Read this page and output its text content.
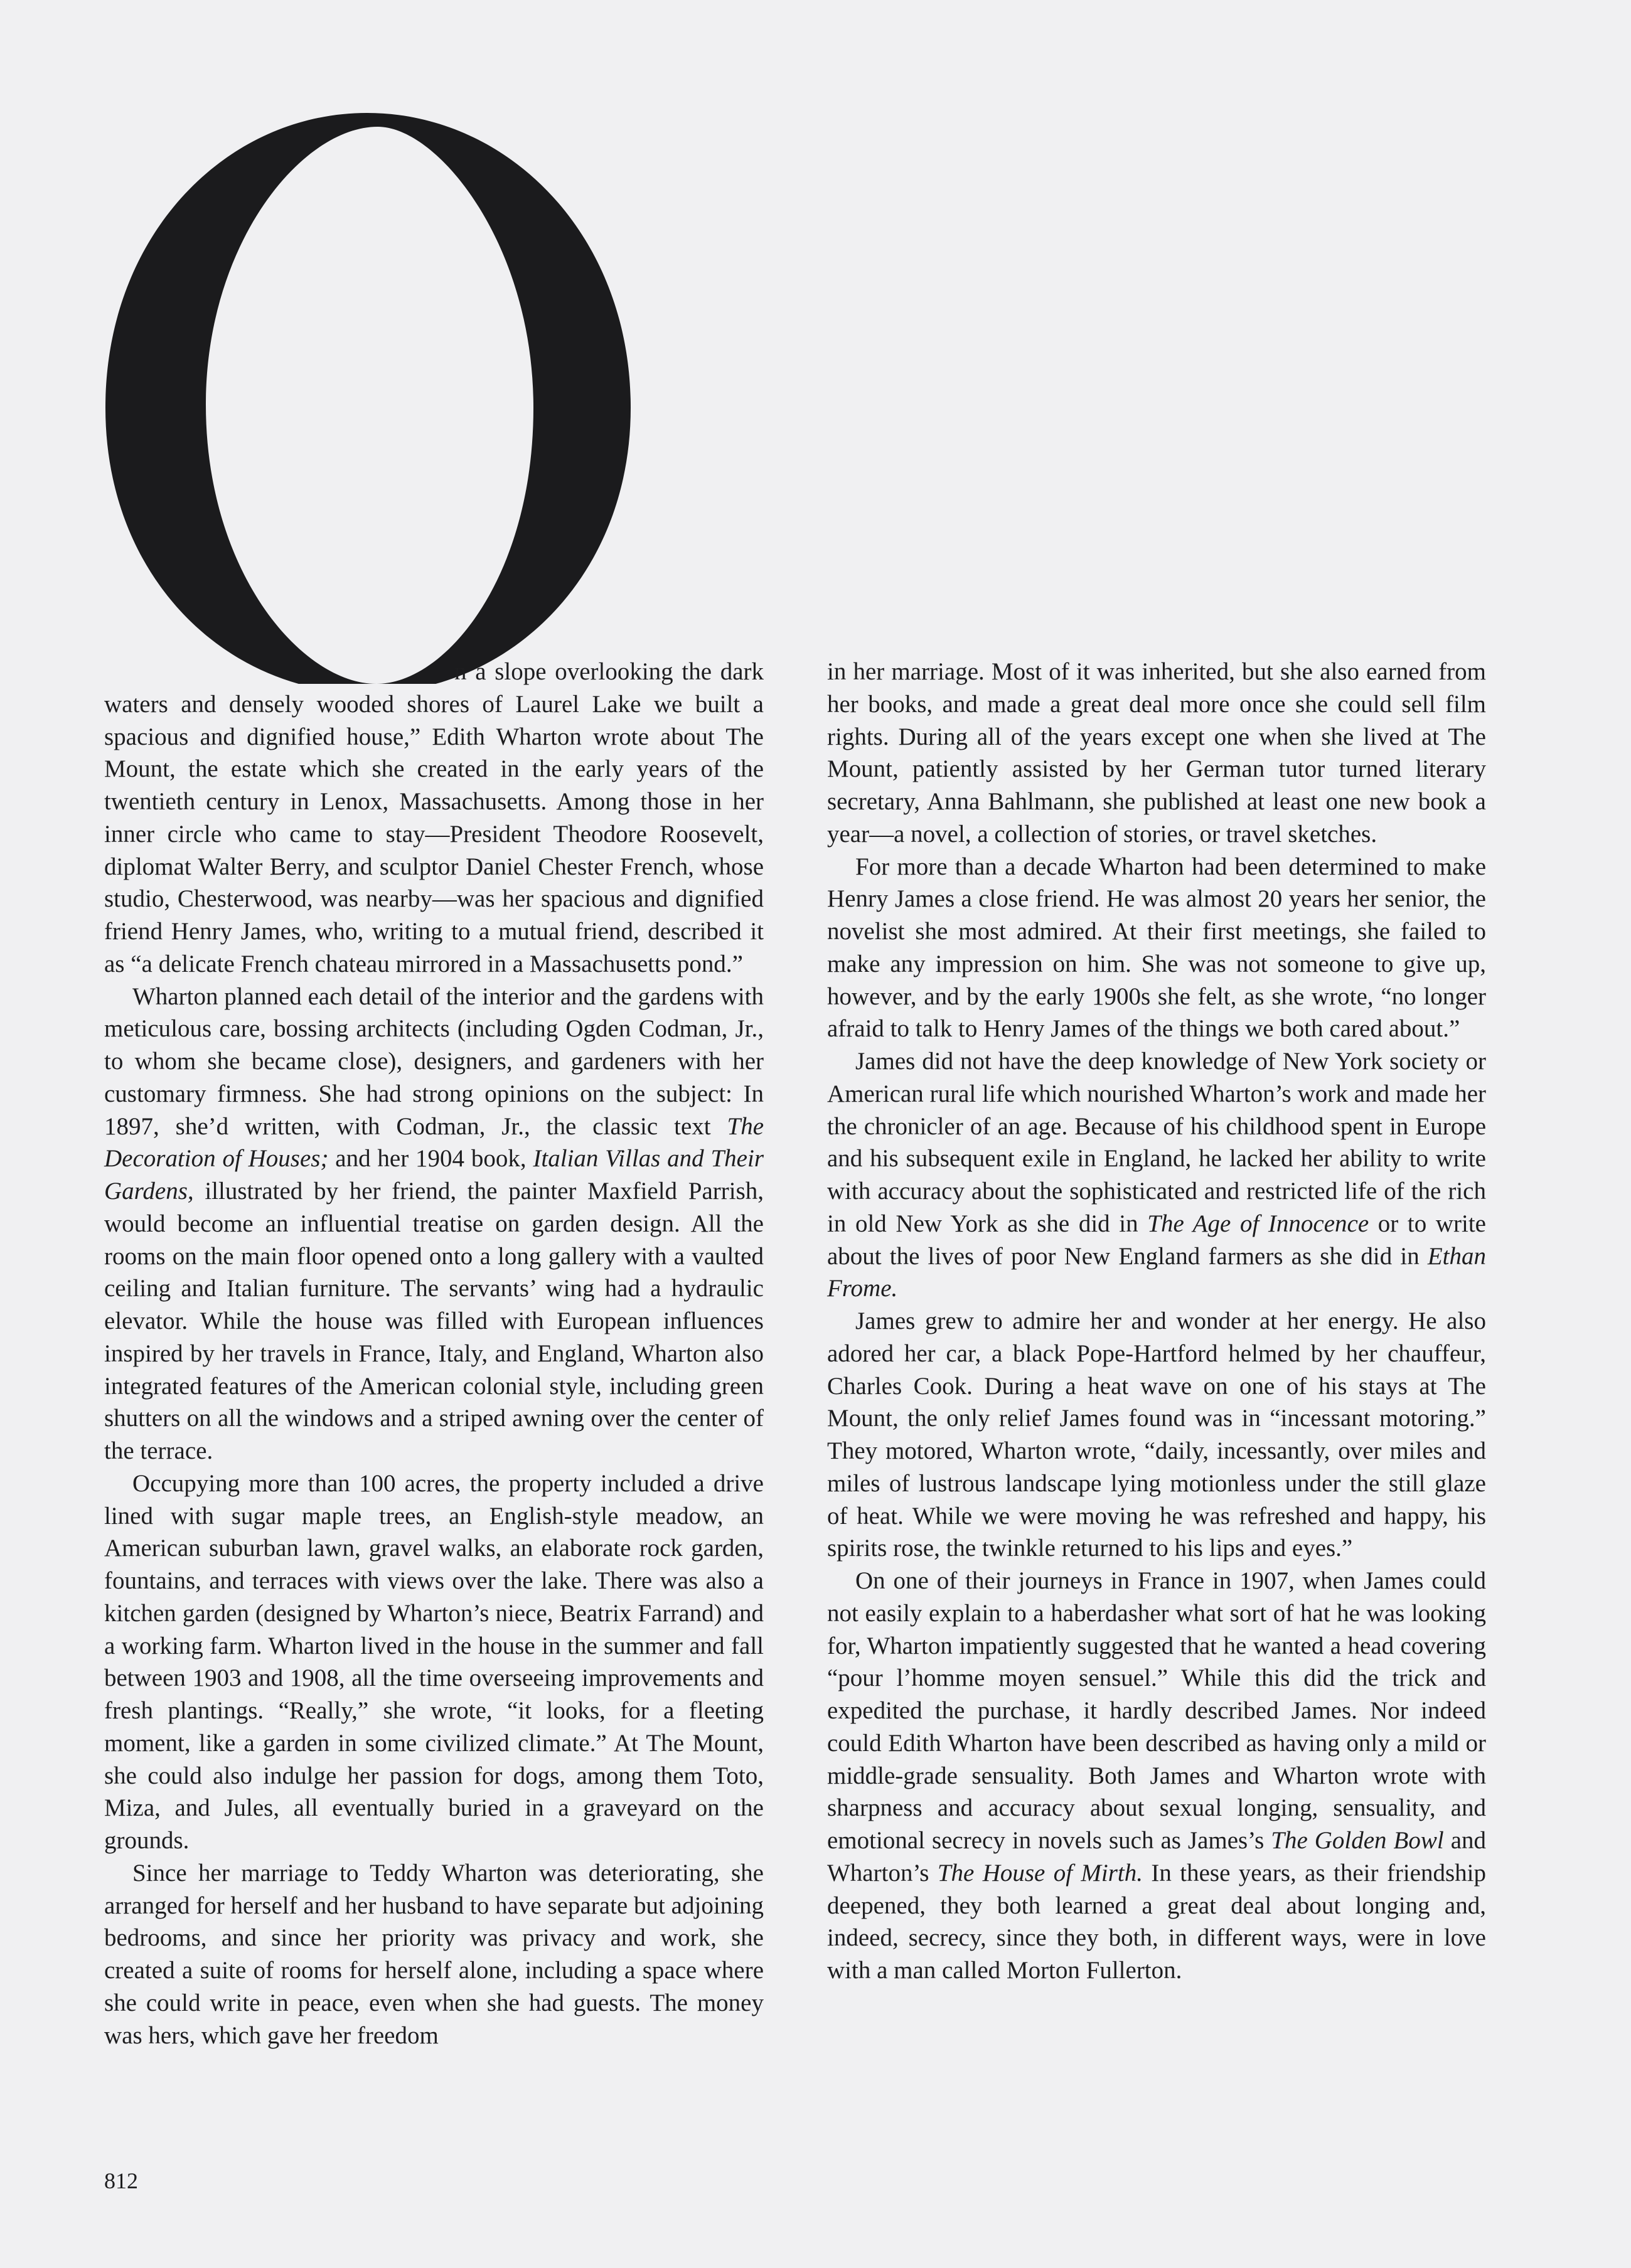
n a slope overlooking the dark waters and densely wooded shores of Laurel Lake we built a spacious and dignified house,” Edith Wharton wrote about The Mount, the estate which she created in the early years of the twentieth century in Lenox, Massachusetts. Among those in her inner circle who came to stay—President Theodore Roosevelt, diplomat Walter Berry, and sculptor Daniel Chester French, whose studio, Chesterwood, was nearby—was her spacious and dignified friend Henry James, who, writing to a mutual friend, described it as “a delicate French chateau mirrored in a Massachusetts pond.”

Wharton planned each detail of the interior and the gardens with meticulous care, bossing architects (including Ogden Codman, Jr., to whom she became close), designers, and gardeners with her customary firmness. She had strong opinions on the subject: In 1897, she’d written, with Codman, Jr., the classic text The Decoration of Houses; and her 1904 book, Italian Villas and Their Gardens, illustrated by her friend, the painter Maxfield Parrish, would become an influential treatise on garden design. All the rooms on the main floor opened onto a long gallery with a vaulted ceiling and Italian furniture. The servants’ wing had a hydraulic elevator. While the house was filled with European influences inspired by her travels in France, Italy, and England, Wharton also integrated features of the American colonial style, including green shutters on all the windows and a striped awning over the center of the terrace.

Occupying more than 100 acres, the property included a drive lined with sugar maple trees, an English-style meadow, an American suburban lawn, gravel walks, an elaborate rock garden, fountains, and terraces with views over the lake. There was also a kitchen garden (designed by Wharton’s niece, Beatrix Farrand) and a working farm. Wharton lived in the house in the summer and fall between 1903 and 1908, all the time overseeing improvements and fresh plantings. “Really,” she wrote, “it looks, for a fleeting moment, like a garden in some civilized climate.” At The Mount, she could also indulge her passion for dogs, among them Toto, Miza, and Jules, all eventually buried in a graveyard on the grounds.

Since her marriage to Teddy Wharton was deteriorating, she arranged for herself and her husband to have separate but adjoining bedrooms, and since her priority was privacy and work, she created a suite of rooms for herself alone, including a space where she could write in peace, even when she had guests. The money was hers, which gave her freedom

in her marriage. Most of it was inherited, but she also earned from her books, and made a great deal more once she could sell film rights. During all of the years except one when she lived at The Mount, patiently assisted by her German tutor turned literary secretary, Anna Bahlmann, she published at least one new book a year—a novel, a collection of stories, or travel sketches.

For more than a decade Wharton had been determined to make Henry James a close friend. He was almost 20 years her senior, the novelist she most admired. At their first meetings, she failed to make any impression on him. She was not someone to give up, however, and by the early 1900s she felt, as she wrote, “no longer afraid to talk to Henry James of the things we both cared about.”

James did not have the deep knowledge of New York society or American rural life which nourished Wharton’s work and made her the chronicler of an age. Because of his childhood spent in Europe and his subsequent exile in England, he lacked her ability to write with accuracy about the sophisticated and restricted life of the rich in old New York as she did in The Age of Innocence or to write about the lives of poor New England farmers as she did in Ethan Frome.

James grew to admire her and wonder at her energy. He also adored her car, a black Pope-Hartford helmed by her chauffeur, Charles Cook. During a heat wave on one of his stays at The Mount, the only relief James found was in “incessant motoring.” They motored, Wharton wrote, “daily, incessantly, over miles and miles of lustrous landscape lying motionless under the still glaze of heat. While we were moving he was refreshed and happy, his spirits rose, the twinkle returned to his lips and eyes.”

On one of their journeys in France in 1907, when James could not easily explain to a haberdasher what sort of hat he was looking for, Wharton impatiently suggested that he wanted a head covering “pour l’homme moyen sensuel.” While this did the trick and expedited the purchase, it hardly described James. Nor indeed could Edith Wharton have been described as having only a mild or middle-grade sensuality. Both James and Wharton wrote with sharpness and accuracy about sexual longing, sensuality, and emotional secrecy in novels such as James’s The Golden Bowl and Wharton’s The House of Mirth. In these years, as their friendship deepened, they both learned a great deal about longing and, indeed, secrecy, since they both, in different ways, were in love with a man called Morton Fullerton.

812
